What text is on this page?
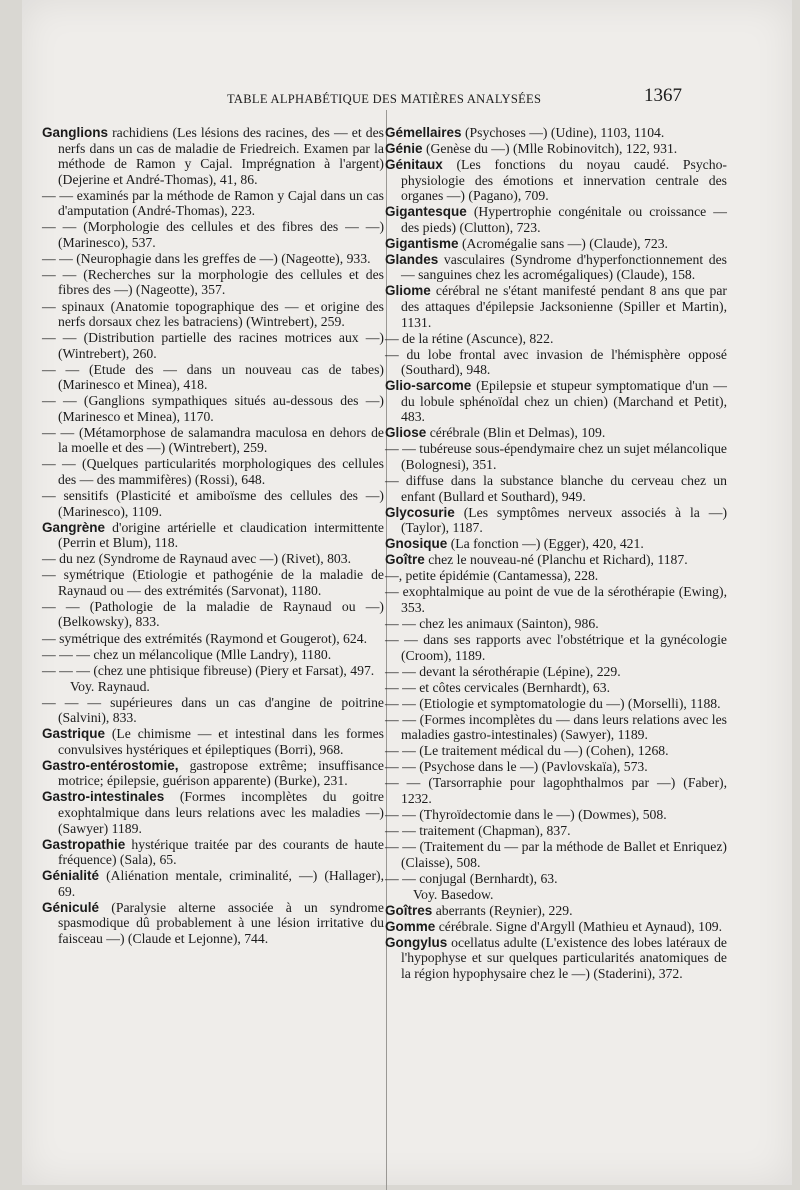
TABLE ALPHABÉTIQUE DES MATIÈRES ANALYSÉES	1367
Ganglions rachidiens (Les lésions des racines, des — et des nerfs dans un cas de maladie de Friedreich. Examen par la méthode de Ramon y Cajal. Imprégnation à l'argent) (Dejerine et André-Thomas), 41, 86.
— — examinés par la méthode de Ramon y Cajal dans un cas d'amputation (André-Thomas), 223.
— — (Morphologie des cellules et des fibres des — —) (Marinesco), 537.
— — (Neurophagie dans les greffes de —) (Nageotte), 933.
— — (Recherches sur la morphologie des cellules et des fibres des —) (Nageotte), 357.
— spinaux (Anatomie topographique des — et origine des nerfs dorsaux chez les batraciens) (Wintrebert), 259.
— — (Distribution partielle des racines motrices aux —) (Wintrebert), 260.
— — (Etude des — dans un nouveau cas de tabes) (Marinesco et Minea), 418.
— — (Ganglions sympathiques situés au-dessous des —) (Marinesco et Minea), 1170.
— — (Métamorphose de salamandra maculosa en dehors de la moelle et des —) (Wintrebert), 259.
— — (Quelques particularités morphologiques des cellules des — des mammifères) (Rossi), 648.
— sensitifs (Plasticité et amiboïsme des cellules des —) (Marinesco), 1109.
Gangrène d'origine artérielle et claudication intermittente (Perrin et Blum), 118.
— du nez (Syndrome de Raynaud avec —) (Rivet), 803.
— symétrique (Etiologie et pathogénie de la maladie de Raynaud ou — des extrémités (Sarvonat), 1180.
— — (Pathologie de la maladie de Raynaud ou —) (Belkowsky), 833.
— symétrique des extrémités (Raymond et Gougerot), 624.
— — — chez un mélancolique (Mlle Landry), 1180.
— — — (chez une phtisique fibreuse) (Piery et Farsat), 497.
Voy. Raynaud.
— — — supérieures dans un cas d'angine de poitrine (Salvini), 833.
Gastrique (Le chimisme — et intestinal dans les formes convulsives hystériques et épileptiques (Borri), 968.
Gastro-entérostomie, gastroposе extrême; insuffisance motrice; épilepsie, guérison apparente) (Burke), 231.
Gastro-intestinales (Formes incomplètes du goitre exophtalmique dans leurs relations avec les maladies —) (Sawyer) 1189.
Gastropathie hystérique traitée par des courants de haute fréquence) (Sala), 65.
Génialité (Aliénation mentale, criminalité, —) (Hallager), 69.
Géniculé (Paralysie alterne associée à un syndrome spasmodique dû probablement à une lésion irritative du faisceau —) (Claude et Lejonne), 744.
Gémellaires (Psychoses —) (Udine), 1103, 1104.
Génie (Genèse du —) (Mlle Robinovitch), 122, 931.
Génitaux (Les fonctions du noyau caudé. Psycho-physiologie des émotions et innervation centrale des organes —) (Pagano), 709.
Gigantesque (Hypertrophie congénitale ou croissance — des pieds) (Clutton), 723.
Gigantisme (Acromégalie sans —) (Claude), 723.
Glandes vasculaires (Syndrome d'hyperfonctionnement des — sanguines chez les acromégaliques) (Claude), 158.
Gliome cérébral ne s'étant manifesté pendant 8 ans que par des attaques d'épilepsie Jacksonienne (Spiller et Martin), 1131.
— de la rétine (Ascunce), 822.
— du lobe frontal avec invasion de l'hémisphère opposé (Southard), 948.
Glio-sarcome (Epilepsie et stupeur symptomatique d'un — du lobule sphénoïdal chez un chien) (Marchand et Petit), 483.
Gliose cérébrale (Blin et Delmas), 109.
— — tubéreuse sous-épendymaire chez un sujet mélancolique (Bolognesi), 351.
— diffuse dans la substance blanche du cerveau chez un enfant (Bullard et Southard), 949.
Glycosurie (Les symptômes nerveux associés à la —) (Taylor), 1187.
Gnosique (La fonction —) (Egger), 420, 421.
Goître chez le nouveau-né (Planchu et Richard), 1187.
—, petite épidémie (Cantamessa), 228.
— exophtalmique au point de vue de la sérothérapie (Ewing), 353.
— — chez les animaux (Sainton), 986.
— — dans ses rapports avec l'obstétrique et la gynécologie (Croom), 1189.
— — devant la sérothérapie (Lépine), 229.
— — et côtes cervicales (Bernhardt), 63.
— — (Etiologie et symptomatologie du —) (Morselli), 1188.
— — (Formes incomplètes du — dans leurs relations avec les maladies gastro-intestinales) (Sawyer), 1189.
— — (Le traitement médical du —) (Cohen), 1268.
— — (Psychose dans le —) (Pavlovskaïa), 573.
— — (Tarsorraphie pour lagophthalmos par —) (Faber), 1232.
— — (Thyroïdectomie dans le —) (Dowmes), 508.
— — traitement (Chapman), 837.
— — (Traitement du — par la méthode de Ballet et Enriquez) (Claisse), 508.
— — conjugal (Bernhardt), 63.
Voy. Basedow.
Goîtres aberrants (Reynier), 229.
Gomme cérébrale. Signe d'Argyll (Mathieu et Aynaud), 109.
Gongylus ocellatus adulte (L'existence des lobes latéraux de l'hypophyse et sur quelques particularités anatomiques de la région hypophysaire chez le —) (Staderini), 372.
